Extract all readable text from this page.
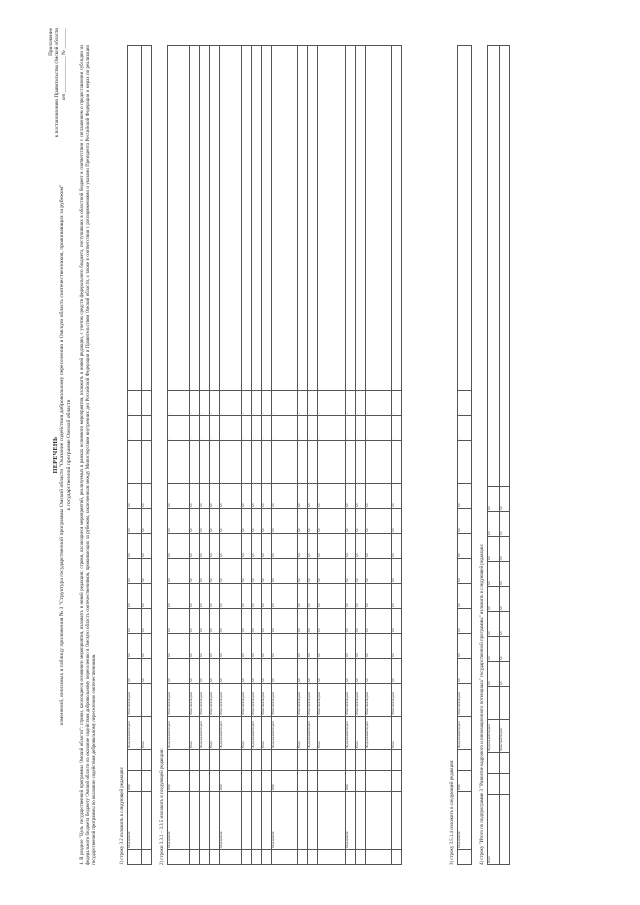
Приложение к постановлению Правительства Омской области от ______________ № ________
ПЕРЕЧЕНЬ изменений, вносимых в таблицу приложения № 3 "Структура государственной программы Омской области "Оказание содействия добровольному переселению в Омскую область соотечественников, проживающих за рубежом" к государственной программе Омской области 1. В разделе "Цель государственной программы Омской области": строки, касающиеся основного мероприятия, изложить в новой редакции; строки, касающиеся мероприятий, реализуемых в рамках основного мероприятия, изложить в новой редакции, с учетом средств федерального бюджета, поступивших в областной бюджет в соответствии с соглашением о предоставлении субсидии из федерального бюджета бюджету Омской области на оказание содействия добровольному переселению в Омскую область соотечественников, проживающих за рубежом, заключенным между Министерством внутренних дел Российской Федерации и Правительством Омской области, а также в соответствии с распоряжениями и указами Президента Российской Федерации о мерах по реализации государственной программы по оказанию содействия добровольному переселению соотечественников.	1) строку 3.2 изложить в следующей редакции:
	Мероприятие	2020		Федеральный бюджет	Областной бюджет	0,0	0,0	0,0	0,0	0,0	0,0	0,0	0,0		-	-	
				Всего		0,0	0,0	0,0	0,0	0,0	0,0	0,0	0,0				
2) строки 3.3.1 – 3.3.5 изложить в следующей редакции:
	Мероприятие	2020		Федеральный бюджет	Областной бюджет	0,0	0,0	0,0	0,0	0,0	0,0	0,0	0,0		-	-	
				Всего	Областной бюджет	0,0	0,0	0,0	0,0	0,0	0,0	0,0	0,0		-	-	
				Федеральный бюджет	Областной бюджет	0,0	0,0	0,0	0,0	0,0	0,0	0,0	0,0		-	-	
				Всего	Областной бюджет	0,0	0,0	0,0	0,0	0,0	0,0	0,0	0,0		-	-	
	Мероприятие	2020		Федеральный бюджет	Областной бюджет	0,0	0,0	0,0	0,0	0,0	0,0	0,0	0,0		-	-	
				Всего	Областной бюджет	0,0	0,0	0,0	0,0	0,0	0,0	0,0	0,0		-	-	
				Федеральный бюджет	Областной бюджет	0,0	0,0	0,0	0,0	0,0	0,0	0,0	0,0		-	-	
				Всего	Областной бюджет	0,0	0,0	0,0	0,0	0,0	0,0	0,0	0,0		-	-	
	Мероприятие	2020		Федеральный бюджет	Областной бюджет	0,0	0,0	0,0	0,0	0,0	0,0	0,0	0,0		-	-	
				Всего	Областной бюджет	0,0	0,0	0,0	0,0	0,0	0,0	0,0	0,0		-	-	
				Федеральный бюджет	Областной бюджет	0,0	0,0	0,0	0,0	0,0	0,0	0,0	0,0		-	-	
				Всего	Областной бюджет	0,0	0,0	0,0	0,0	0,0	0,0	0,0	0,0		-	-	
	Мероприятие	2020		Федеральный бюджет	Областной бюджет	0,0	0,0	0,0	0,0	0,0	0,0	0,0	0,0		-	-	
				Всего	Областной бюджет	0,0	0,0	0,0	0,0	0,0	0,0	0,0	0,0		-	-	
				Федеральный бюджет	Областной бюджет	0,0	0,0	0,0	0,0	0,0	0,0	0,0	0,0		-	-	
				Всего	Областной бюджет	0,0	0,0	0,0	0,0	0,0	0,0	0,0	0,0		-	-	
3) строку 3.5.1.4 изложить в следующей редакции:
	Мероприятие	2020		Федеральный бюджет	Областной бюджет	0,0	0,0	0,0	0,0	0,0	0,0	0,0	0,0		-	-	
4) строку "Итого по подпрограмме 3 "Развитие кадрового и инновационного потенциала" государственной программы" изложить в следующей редакции: Всего			Федеральный бюджет		0,0	0,0	0,0	0,0	0,0	0,0	0,0	0,0	
			Областной бюджет		0,0	0,0	0,0	0,0	0,0	0,0	0,0	0,0	
